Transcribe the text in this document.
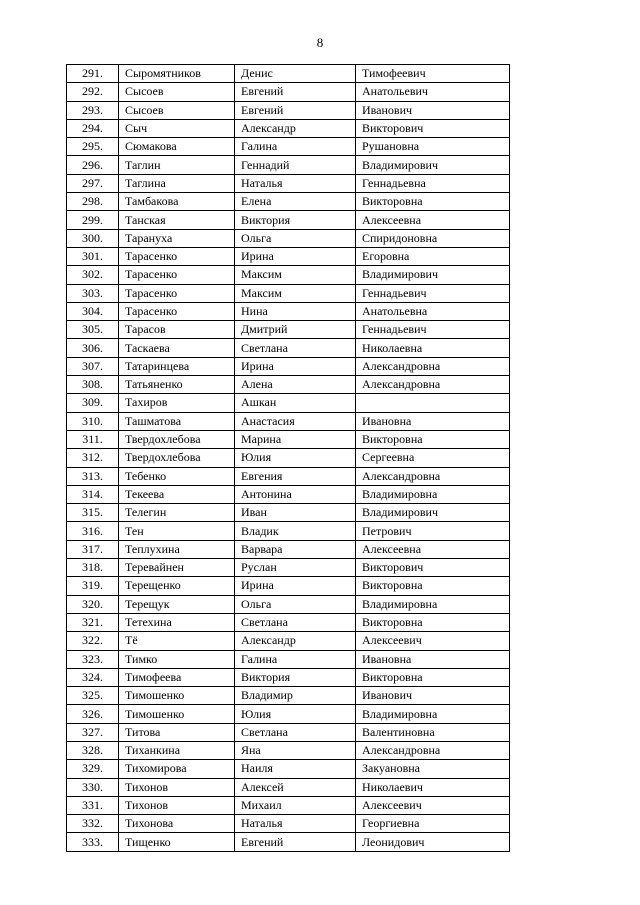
8
291.	Сыромятников	Денис	Тимофеевич
292.	Сысоев	Евгений	Анатольевич
293.	Сысоев	Евгений	Иванович
294.	Сыч	Александр	Викторович
295.	Сюмакова	Галина	Рушановна
296.	Таглин	Геннадий	Владимирович
297.	Таглина	Наталья	Геннадьевна
298.	Тамбакова	Елена	Викторовна
299.	Танская	Виктория	Алексеевна
300.	Тарануха	Ольга	Спиридоновна
301.	Тарасенко	Ирина	Егоровна
302.	Тарасенко	Максим	Владимирович
303.	Тарасенко	Максим	Геннадьевич
304.	Тарасенко	Нина	Анатольевна
305.	Тарасов	Дмитрий	Геннадьевич
306.	Таскаева	Светлана	Николаевна
307.	Татаринцева	Ирина	Александровна
308.	Татьяненко	Алена	Александровна
309.	Тахиров	Ашкан	
310.	Ташматова	Анастасия	Ивановна
311.	Твердохлебова	Марина	Викторовна
312.	Твердохлебова	Юлия	Сергеевна
313.	Тебенко	Евгения	Александровна
314.	Текеева	Антонина	Владимировна
315.	Телегин	Иван	Владимирович
316.	Тен	Владик	Петрович
317.	Теплухина	Варвара	Алексеевна
318.	Теревайнен	Руслан	Викторович
319.	Терещенко	Ирина	Викторовна
320.	Терещук	Ольга	Владимировна
321.	Тетехина	Светлана	Викторовна
322.	Тё	Александр	Алексеевич
323.	Тимко	Галина	Ивановна
324.	Тимофеева	Виктория	Викторовна
325.	Тимошенко	Владимир	Иванович
326.	Тимошенко	Юлия	Владимировна
327.	Титова	Светлана	Валентиновна
328.	Тиханкина	Яна	Александровна
329.	Тихомирова	Наиля	Закуановна
330.	Тихонов	Алексей	Николаевич
331.	Тихонов	Михаил	Алексеевич
332.	Тихонова	Наталья	Георгиевна
333.	Тищенко	Евгений	Леонидович
